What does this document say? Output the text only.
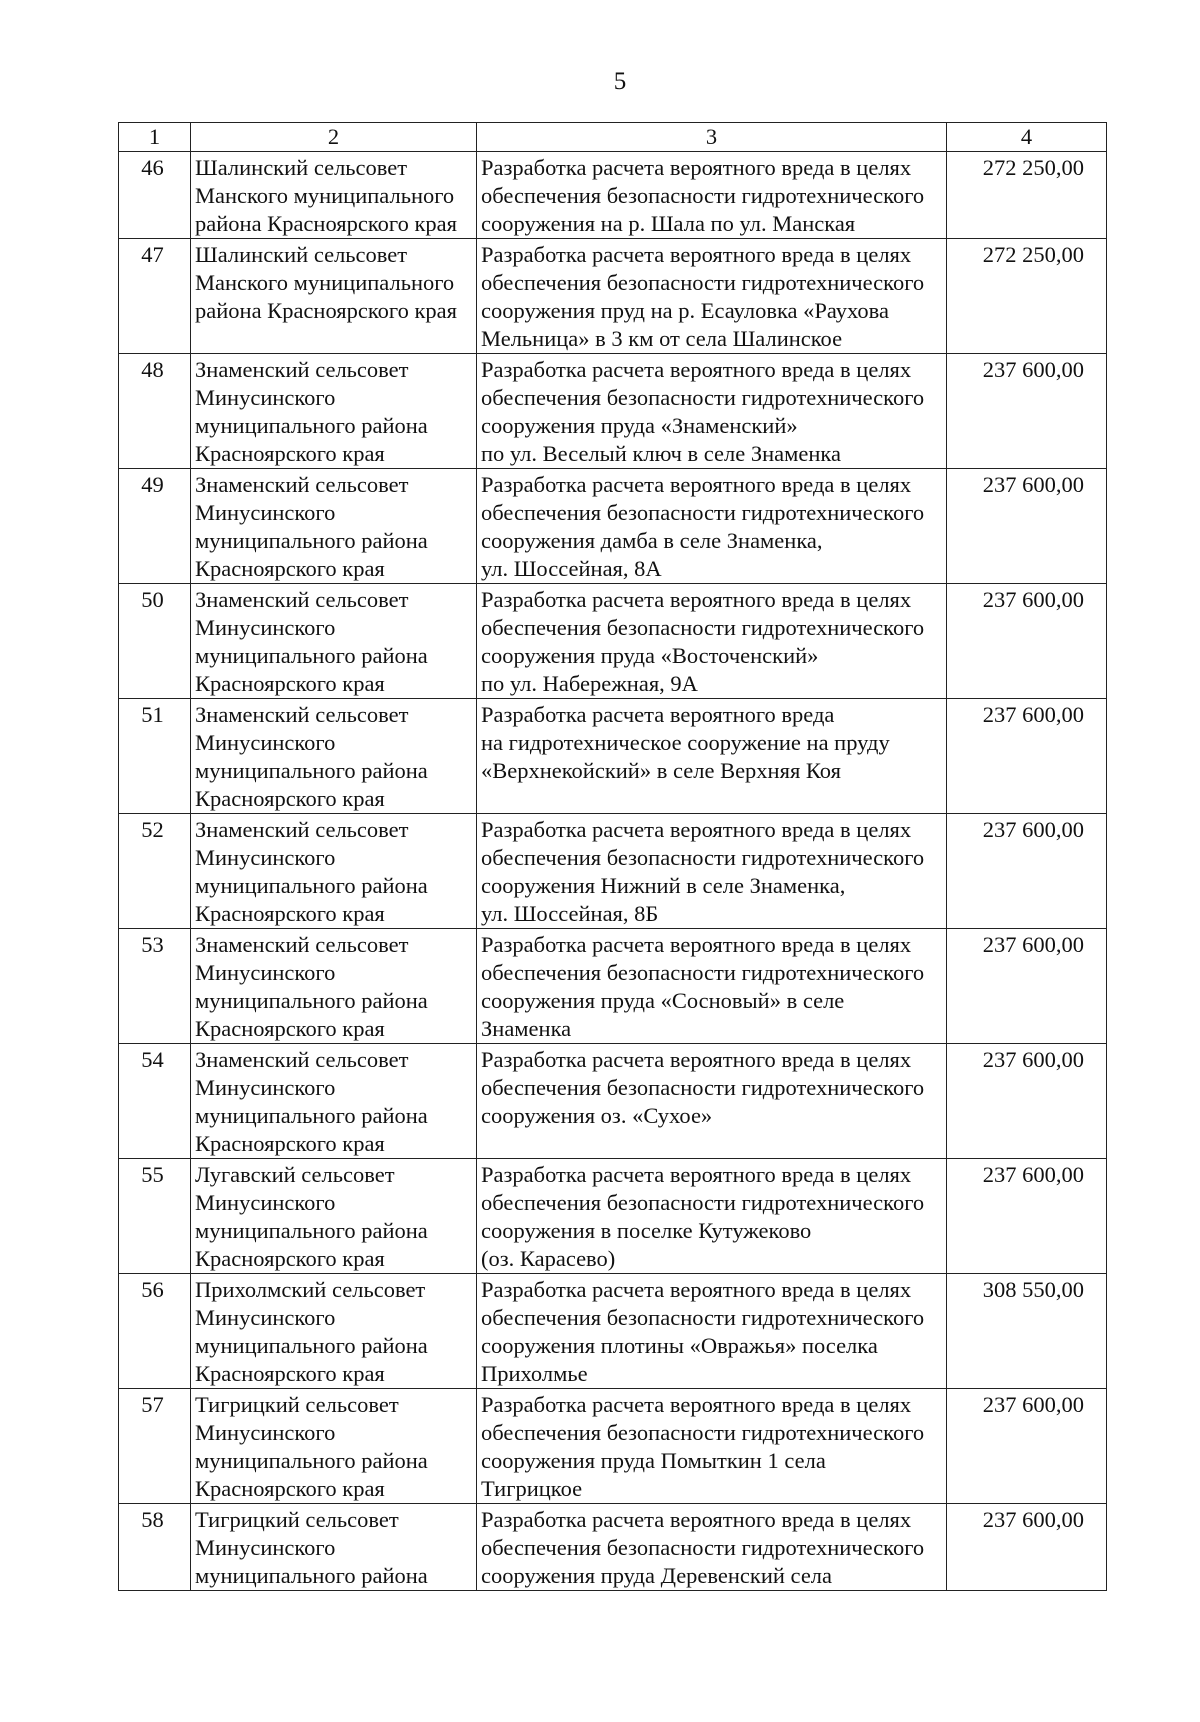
5
1	2	3	4
46	Шалинский сельсовет
Манского муниципального
района Красноярского края	Разработка расчета вероятного вреда в целях
обеспечения безопасности гидротехнического
сооружения на р. Шала по ул. Манская	272 250,00
47	Шалинский сельсовет
Манского муниципального
района Красноярского края	Разработка расчета вероятного вреда в целях
обеспечения безопасности гидротехнического
сооружения пруд на р. Есауловка «Раухова
Мельница» в 3 км от села Шалинское	272 250,00
48	Знаменский сельсовет
Минусинского
муниципального района
Красноярского края	Разработка расчета вероятного вреда в целях
обеспечения безопасности гидротехнического
сооружения пруда «Знаменский»
по ул. Веселый ключ в селе Знаменка	237 600,00
49	Знаменский сельсовет
Минусинского
муниципального района
Красноярского края	Разработка расчета вероятного вреда в целях
обеспечения безопасности гидротехнического
сооружения дамба в селе Знаменка,
ул. Шоссейная, 8А	237 600,00
50	Знаменский сельсовет
Минусинского
муниципального района
Красноярского края	Разработка расчета вероятного вреда в целях
обеспечения безопасности гидротехнического
сооружения пруда «Восточенский»
по ул. Набережная, 9А	237 600,00
51	Знаменский сельсовет
Минусинского
муниципального района
Красноярского края	Разработка расчета вероятного вреда
на гидротехническое сооружение на пруду
«Верхнекойский» в селе Верхняя Коя	237 600,00
52	Знаменский сельсовет
Минусинского
муниципального района
Красноярского края	Разработка расчета вероятного вреда в целях
обеспечения безопасности гидротехнического
сооружения Нижний в селе Знаменка,
ул. Шоссейная, 8Б	237 600,00
53	Знаменский сельсовет
Минусинского
муниципального района
Красноярского края	Разработка расчета вероятного вреда в целях
обеспечения безопасности гидротехнического
сооружения пруда «Сосновый» в селе
Знаменка	237 600,00
54	Знаменский сельсовет
Минусинского
муниципального района
Красноярского края	Разработка расчета вероятного вреда в целях
обеспечения безопасности гидротехнического
сооружения оз. «Сухое»	237 600,00
55	Лугавский сельсовет
Минусинского
муниципального района
Красноярского края	Разработка расчета вероятного вреда в целях
обеспечения безопасности гидротехнического
сооружения в поселке Кутужеково
(оз. Карасево)	237 600,00
56	Прихолмский сельсовет
Минусинского
муниципального района
Красноярского края	Разработка расчета вероятного вреда в целях
обеспечения безопасности гидротехнического
сооружения плотины «Овражья» поселка
Прихолмье	308 550,00
57	Тигрицкий сельсовет
Минусинского
муниципального района
Красноярского края	Разработка расчета вероятного вреда в целях
обеспечения безопасности гидротехнического
сооружения пруда Помыткин 1 села
Тигрицкое	237 600,00
58	Тигрицкий сельсовет
Минусинского
муниципального района	Разработка расчета вероятного вреда в целях
обеспечения безопасности гидротехнического
сооружения пруда Деревенский села	237 600,00
